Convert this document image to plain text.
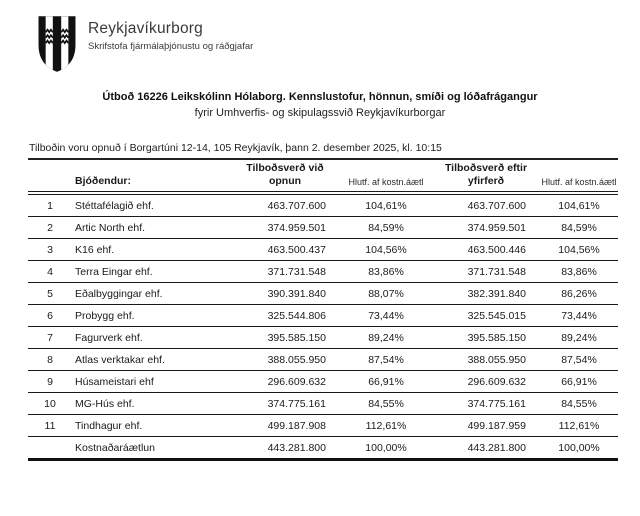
Reykjavíkurborg
Skrifstofa fjármálaþjónustu og ráðgjafar
Útboð 16226 Leikskólinn Hólaborg. Kennslustofur, hönnun, smíði og lóðafrágangur
fyrir Umhverfis- og skipulagssvið Reykjavíkurborgar
Tilboðin voru opnuð í Borgartúni 12-14, 105 Reykjavík, þann 2. desember 2025, kl. 10:15
	Bjóðendur:	Tilboðsverð við opnun	Hlutf. af kostn.áætl	Tilboðsverð eftir yfirferð	Hlutf. af kostn.áætl
1	Stéttafélagið ehf.	463.707.600	104,61%	463.707.600	104,61%
2	Artic North ehf.	374.959.501	84,59%	374.959.501	84,59%
3	K16 ehf.	463.500.437	104,56%	463.500.446	104,56%
4	Terra Eingar ehf.	371.731.548	83,86%	371.731.548	83,86%
5	Eðalbyggingar ehf.	390.391.840	88,07%	382.391.840	86,26%
6	Probygg ehf.	325.544.806	73,44%	325.545.015	73,44%
7	Fagurverk ehf.	395.585.150	89,24%	395.585.150	89,24%
8	Atlas verktakar ehf.	388.055.950	87,54%	388.055.950	87,54%
9	Húsameistari ehf	296.609.632	66,91%	296.609.632	66,91%
10	MG-Hús ehf.	374.775.161	84,55%	374.775.161	84,55%
11	Tindhagur ehf.	499.187.908	112,61%	499.187.959	112,61%
	Kostnaðaráætlun	443.281.800	100,00%	443.281.800	100,00%
